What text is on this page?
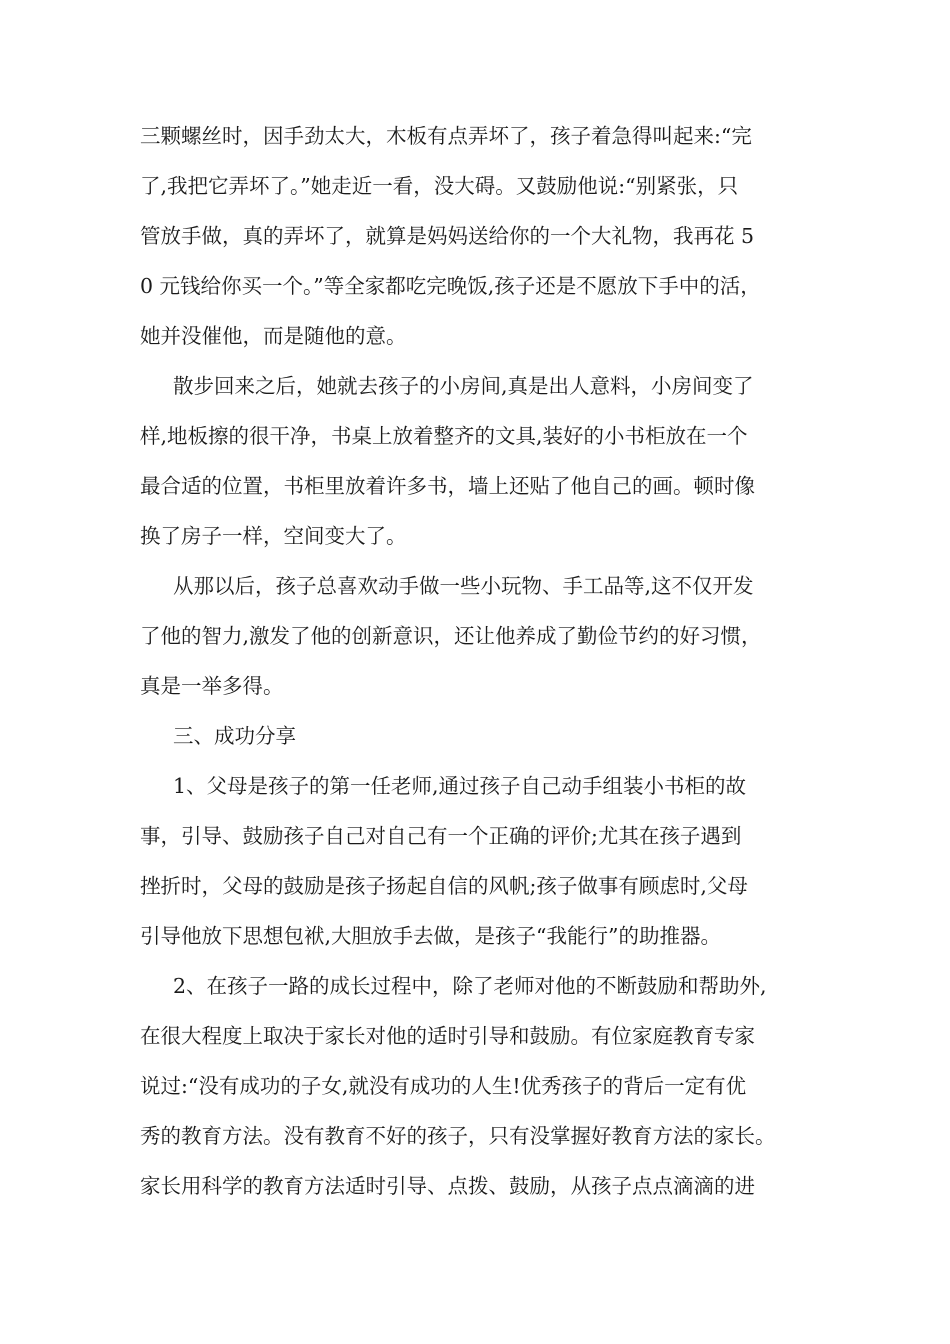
三颗螺丝时，因手劲太大，木板有点弄坏了，孩子着急得叫起来:“完
了,我把它弄坏了。”她走近一看，没大碍。又鼓励他说:“别紧张，只
管放手做，真的弄坏了，就算是妈妈送给你的一个大礼物，我再花 5
0 元钱给你买一个。”等全家都吃完晚饭,孩子还是不愿放下手中的活，
她并没催他，而是随他的意。
散步回来之后，她就去孩子的小房间,真是出人意料，小房间变了
样,地板擦的很干净，书桌上放着整齐的文具,装好的小书柜放在一个
最合适的位置，书柜里放着许多书，墙上还贴了他自己的画。顿时像
换了房子一样，空间变大了。
从那以后，孩子总喜欢动手做一些小玩物、手工品等,这不仅开发
了他的智力,激发了他的创新意识，还让他养成了勤俭节约的好习惯，
真是一举多得。
三、成功分享
1、父母是孩子的第一任老师,通过孩子自己动手组装小书柜的故
事，引导、鼓励孩子自己对自己有一个正确的评价;尤其在孩子遇到
挫折时，父母的鼓励是孩子扬起自信的风帆;孩子做事有顾虑时,父母
引导他放下思想包袱,大胆放手去做，是孩子“我能行”的助推器。
2、在孩子一路的成长过程中，除了老师对他的不断鼓励和帮助外,
在很大程度上取决于家长对他的适时引导和鼓励。有位家庭教育专家
说过:“没有成功的子女,就没有成功的人生!优秀孩子的背后一定有优
秀的教育方法。没有教育不好的孩子，只有没掌握好教育方法的家长。
家长用科学的教育方法适时引导、点拨、鼓励，从孩子点点滴滴的进
